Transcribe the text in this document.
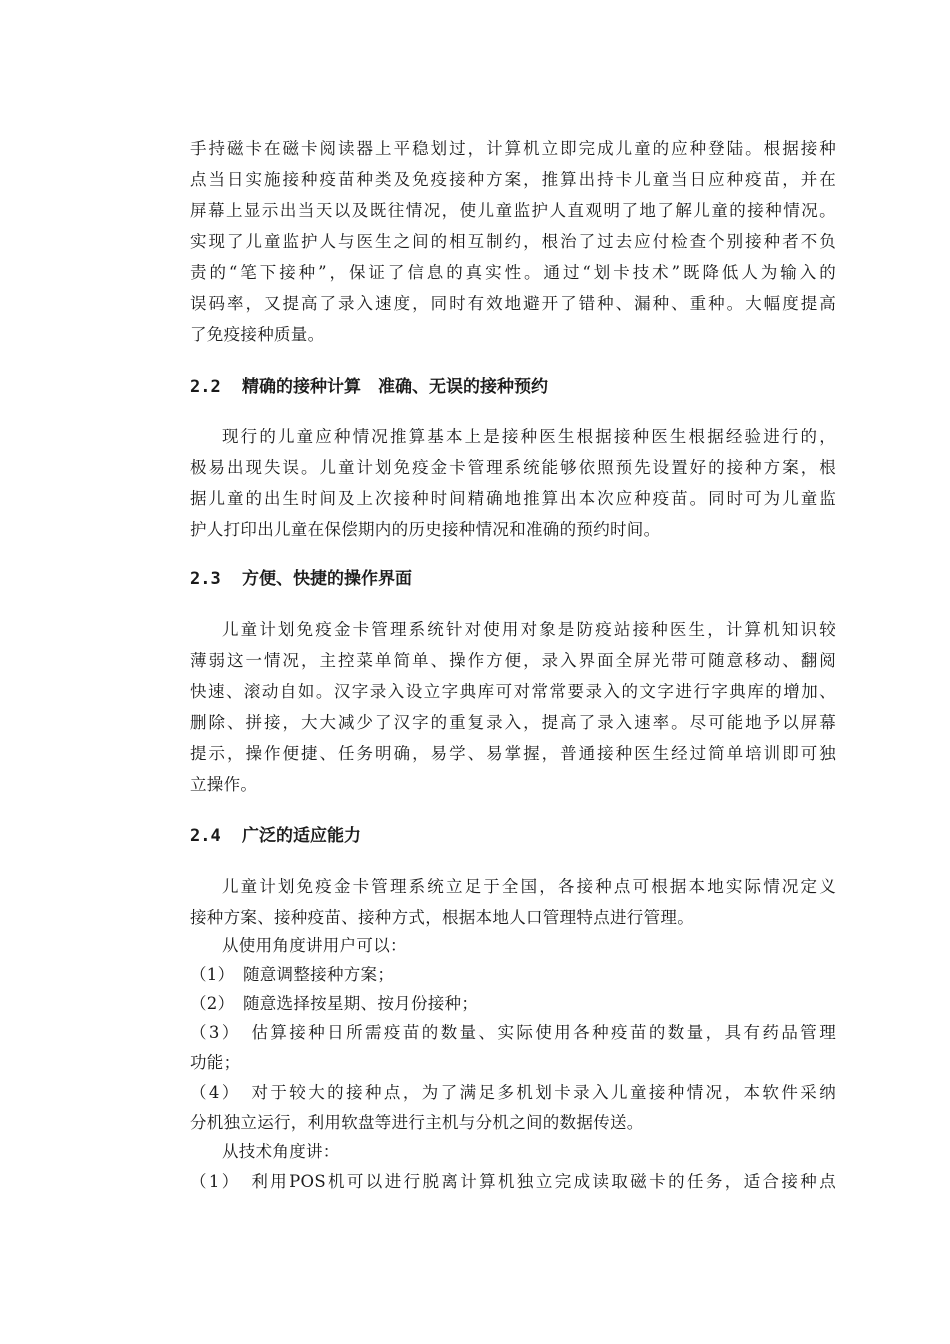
手持磁卡在磁卡阅读器上平稳划过，计算机立即完成儿童的应种登陆。根据接种
点当日实施接种疫苗种类及免疫接种方案，推算出持卡儿童当日应种疫苗，并在
屏幕上显示出当天以及既往情况，使儿童监护人直观明了地了解儿童的接种情况。
实现了儿童监护人与医生之间的相互制约，根治了过去应付检查个别接种者不负
责的“笔下接种”，保证了信息的真实性。通过“划卡技术”既降低人为输入的
误码率，又提高了录入速度，同时有效地避开了错种、漏种、重种。大幅度提高
了免疫接种质量。
2.2 精确的接种计算　准确、无误的接种预约
现行的儿童应种情况推算基本上是接种医生根据接种医生根据经验进行的，
极易出现失误。儿童计划免疫金卡管理系统能够依照预先设置好的接种方案，根
据儿童的出生时间及上次接种时间精确地推算出本次应种疫苗。同时可为儿童监
护人打印出儿童在保偿期内的历史接种情况和准确的预约时间。
2.3 方便、快捷的操作界面
儿童计划免疫金卡管理系统针对使用对象是防疫站接种医生，计算机知识较
薄弱这一情况，主控菜单简单、操作方便，录入界面全屏光带可随意移动、翻阅
快速、滚动自如。汉字录入设立字典库可对常常要录入的文字进行字典库的增加、
删除、拼接，大大减少了汉字的重复录入，提高了录入速率。尽可能地予以屏幕
提示，操作便捷、任务明确，易学、易掌握，普通接种医生经过简单培训即可独
立操作。
2.4 广泛的适应能力
儿童计划免疫金卡管理系统立足于全国，各接种点可根据本地实际情况定义
接种方案、接种疫苗、接种方式，根据本地人口管理特点进行管理。
从使用角度讲用户可以：
（1）　随意调整接种方案；
（2）　随意选择按星期、按月份接种；
（3）　估算接种日所需疫苗的数量、实际使用各种疫苗的数量，具有药品管理
功能；
（4）　对于较大的接种点，为了满足多机划卡录入儿童接种情况，本软件采纳
分机独立运行，利用软盘等进行主机与分机之间的数据传送。
从技术角度讲：
（1）　利用POS机可以进行脱离计算机独立完成读取磁卡的任务，适合接种点
